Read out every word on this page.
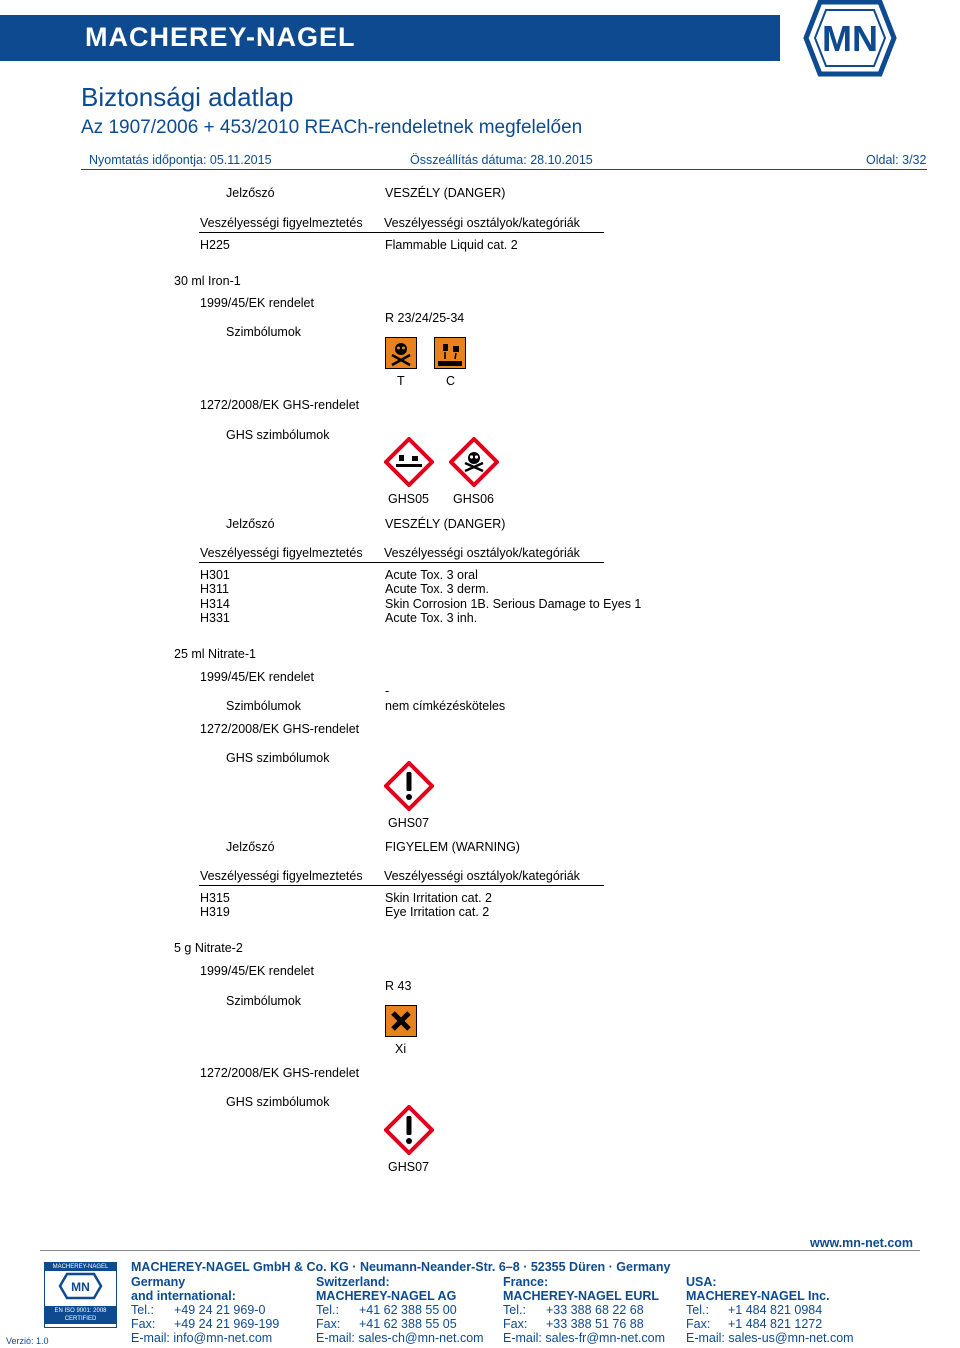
MACHEREY-NAGEL	MN
Biztonsági adatlap
Az 1907/2006 + 453/2010 REACh-rendeletnek megfelelően
Nyomtatás időpontja: 05.11.2015	Összeállítás dátuma: 28.10.2015	Oldal: 3/32
Jelzőszó	VESZÉLY (DANGER)
Veszélyességi figyelmeztetés Veszélyességi osztályok/kategóriák
H225	Flammable Liquid cat. 2
30 ml Iron-1
1999/45/EK rendelet
R 23/24/25-34
Szimbólumok
T	C
1272/2008/EK GHS-rendelet
GHS szimbólumok
GHS05 GHS06
Jelzőszó	VESZÉLY (DANGER)
Veszélyességi figyelmeztetés Veszélyességi osztályok/kategóriák
H301	Acute Tox. 3 oral
H311	Acute Tox. 3 derm.
H314	Skin Corrosion 1B. Serious Damage to Eyes 1
H331	Acute Tox. 3 inh.
25 ml Nitrate-1
1999/45/EK rendelet
-
Szimbólumok	nem címkézésköteles
1272/2008/EK GHS-rendelet
GHS szimbólumok
GHS07
Jelzőszó	FIGYELEM (WARNING)
Veszélyességi figyelmeztetés Veszélyességi osztályok/kategóriák
H315	Skin Irritation cat. 2
H319	Eye Irritation cat. 2
5 g Nitrate-2
1999/45/EK rendelet
R 43
Szimbólumok
Xi
1272/2008/EK GHS-rendelet
GHS szimbólumok
GHS07
www.mn-net.com
MACHEREY-NAGEL GmbH & Co. KG · Neumann-Neander-Str. 6–8 · 52355 Düren · Germany
MACHEREY-NAGEL
MN
EN ISO 9001: 2008
CERTIFIED
Verzió: 1.0
Germany
and international:
Tel.: +49 24 21 969-0
Fax: +49 24 21 969-199
E-mail: info@mn-net.com
Switzerland:
MACHEREY-NAGEL AG
Tel.: +41 62 388 55 00
Fax: +41 62 388 55 05
E-mail: sales-ch@mn-net.com
France:
MACHEREY-NAGEL EURL
Tel.: +33 388 68 22 68
Fax: +33 388 51 76 88
E-mail: sales-fr@mn-net.com
USA:
MACHEREY-NAGEL Inc.
Tel.: +1 484 821 0984
Fax: +1 484 821 1272
E-mail: sales-us@mn-net.com
